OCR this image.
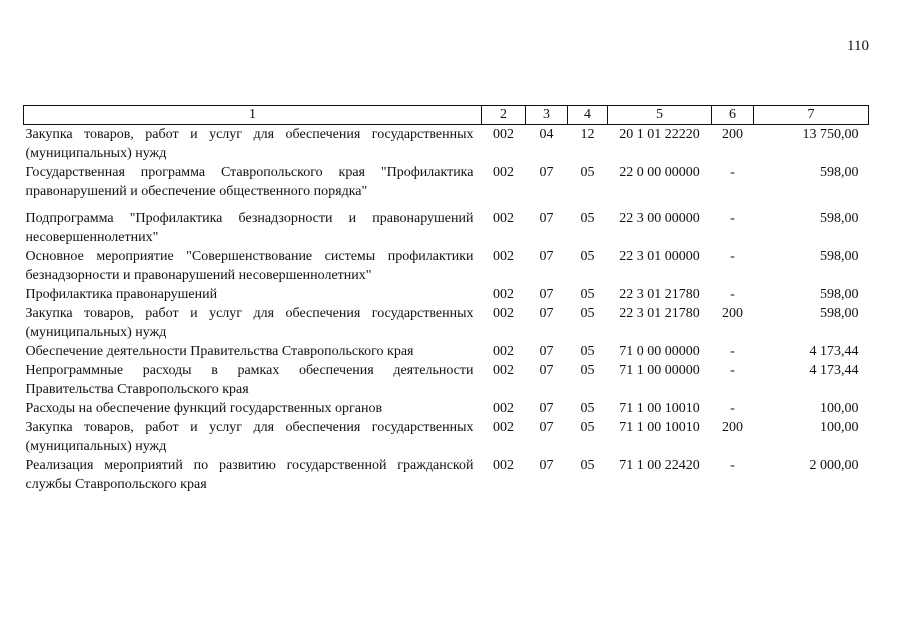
110
1	2	3	4	5	6	7
Закупка товаров, работ и услуг для обеспечения государственных (муниципальных) нужд	002	04	12	20 1 01 22220	200	13 750,00
Государственная программа Ставропольского края "Профилактика правонарушений и обеспечение общественного порядка"	002	07	05	22 0 00 00000	-	598,00
Подпрограмма "Профилактика безнадзорности и правонарушений несовершеннолетних"	002	07	05	22 3 00 00000	-	598,00
Основное мероприятие "Совершенствование системы профилактики безнадзорности и правонарушений несовершеннолетних"	002	07	05	22 3 01 00000	-	598,00
Профилактика правонарушений	002	07	05	22 3 01 21780	-	598,00
Закупка товаров, работ и услуг для обеспечения государственных (муниципальных) нужд	002	07	05	22 3 01 21780	200	598,00
Обеспечение деятельности Правительства Ставропольского края	002	07	05	71 0 00 00000	-	4 173,44
Непрограммные расходы в рамках обеспечения деятельности Правительства Ставропольского края	002	07	05	71 1 00 00000	-	4 173,44
Расходы на обеспечение функций государственных органов	002	07	05	71 1 00 10010	-	100,00
Закупка товаров, работ и услуг для обеспечения государственных (муниципальных) нужд	002	07	05	71 1 00 10010	200	100,00
Реализация мероприятий по развитию государственной гражданской службы Ставропольского края	002	07	05	71 1 00 22420	-	2 000,00
